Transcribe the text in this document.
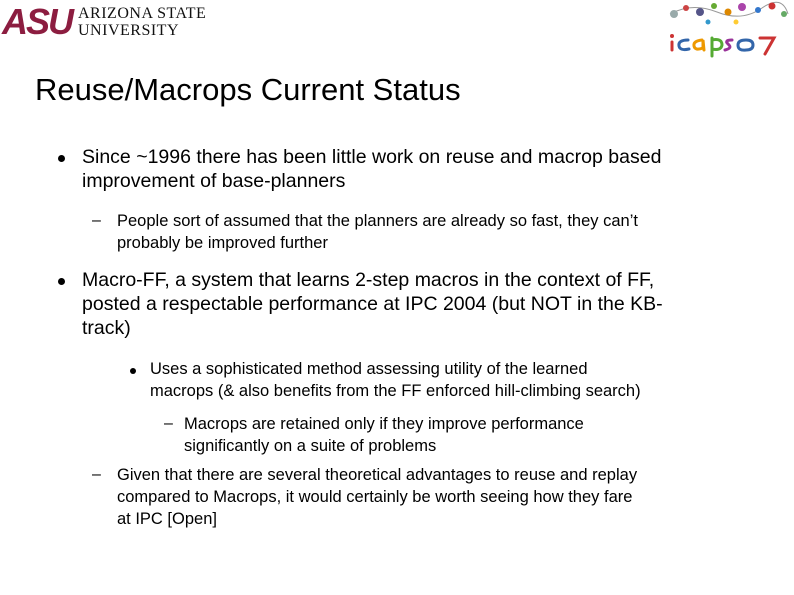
ASU ARIZONA STATE
UNIVERSITY
Reuse/Macrops Current Status
Since ~1996 there has been little work on reuse and macrop based
improvement of base-planners
– People sort of assumed that the planners are already so fast, they can’t
probably be improved further
Macro-FF, a system that learns 2-step macros in the context of FF,
posted a respectable performance at IPC 2004 (but NOT in the KB-
track)
Uses a sophisticated method assessing utility of the learned
macrops (& also benefits from the FF enforced hill-climbing search)
– Macrops are retained only if they improve performance
significantly on a suite of problems
– Given that there are several theoretical advantages to reuse and replay
compared to Macrops, it would certainly be worth seeing how they fare
at IPC [Open]
